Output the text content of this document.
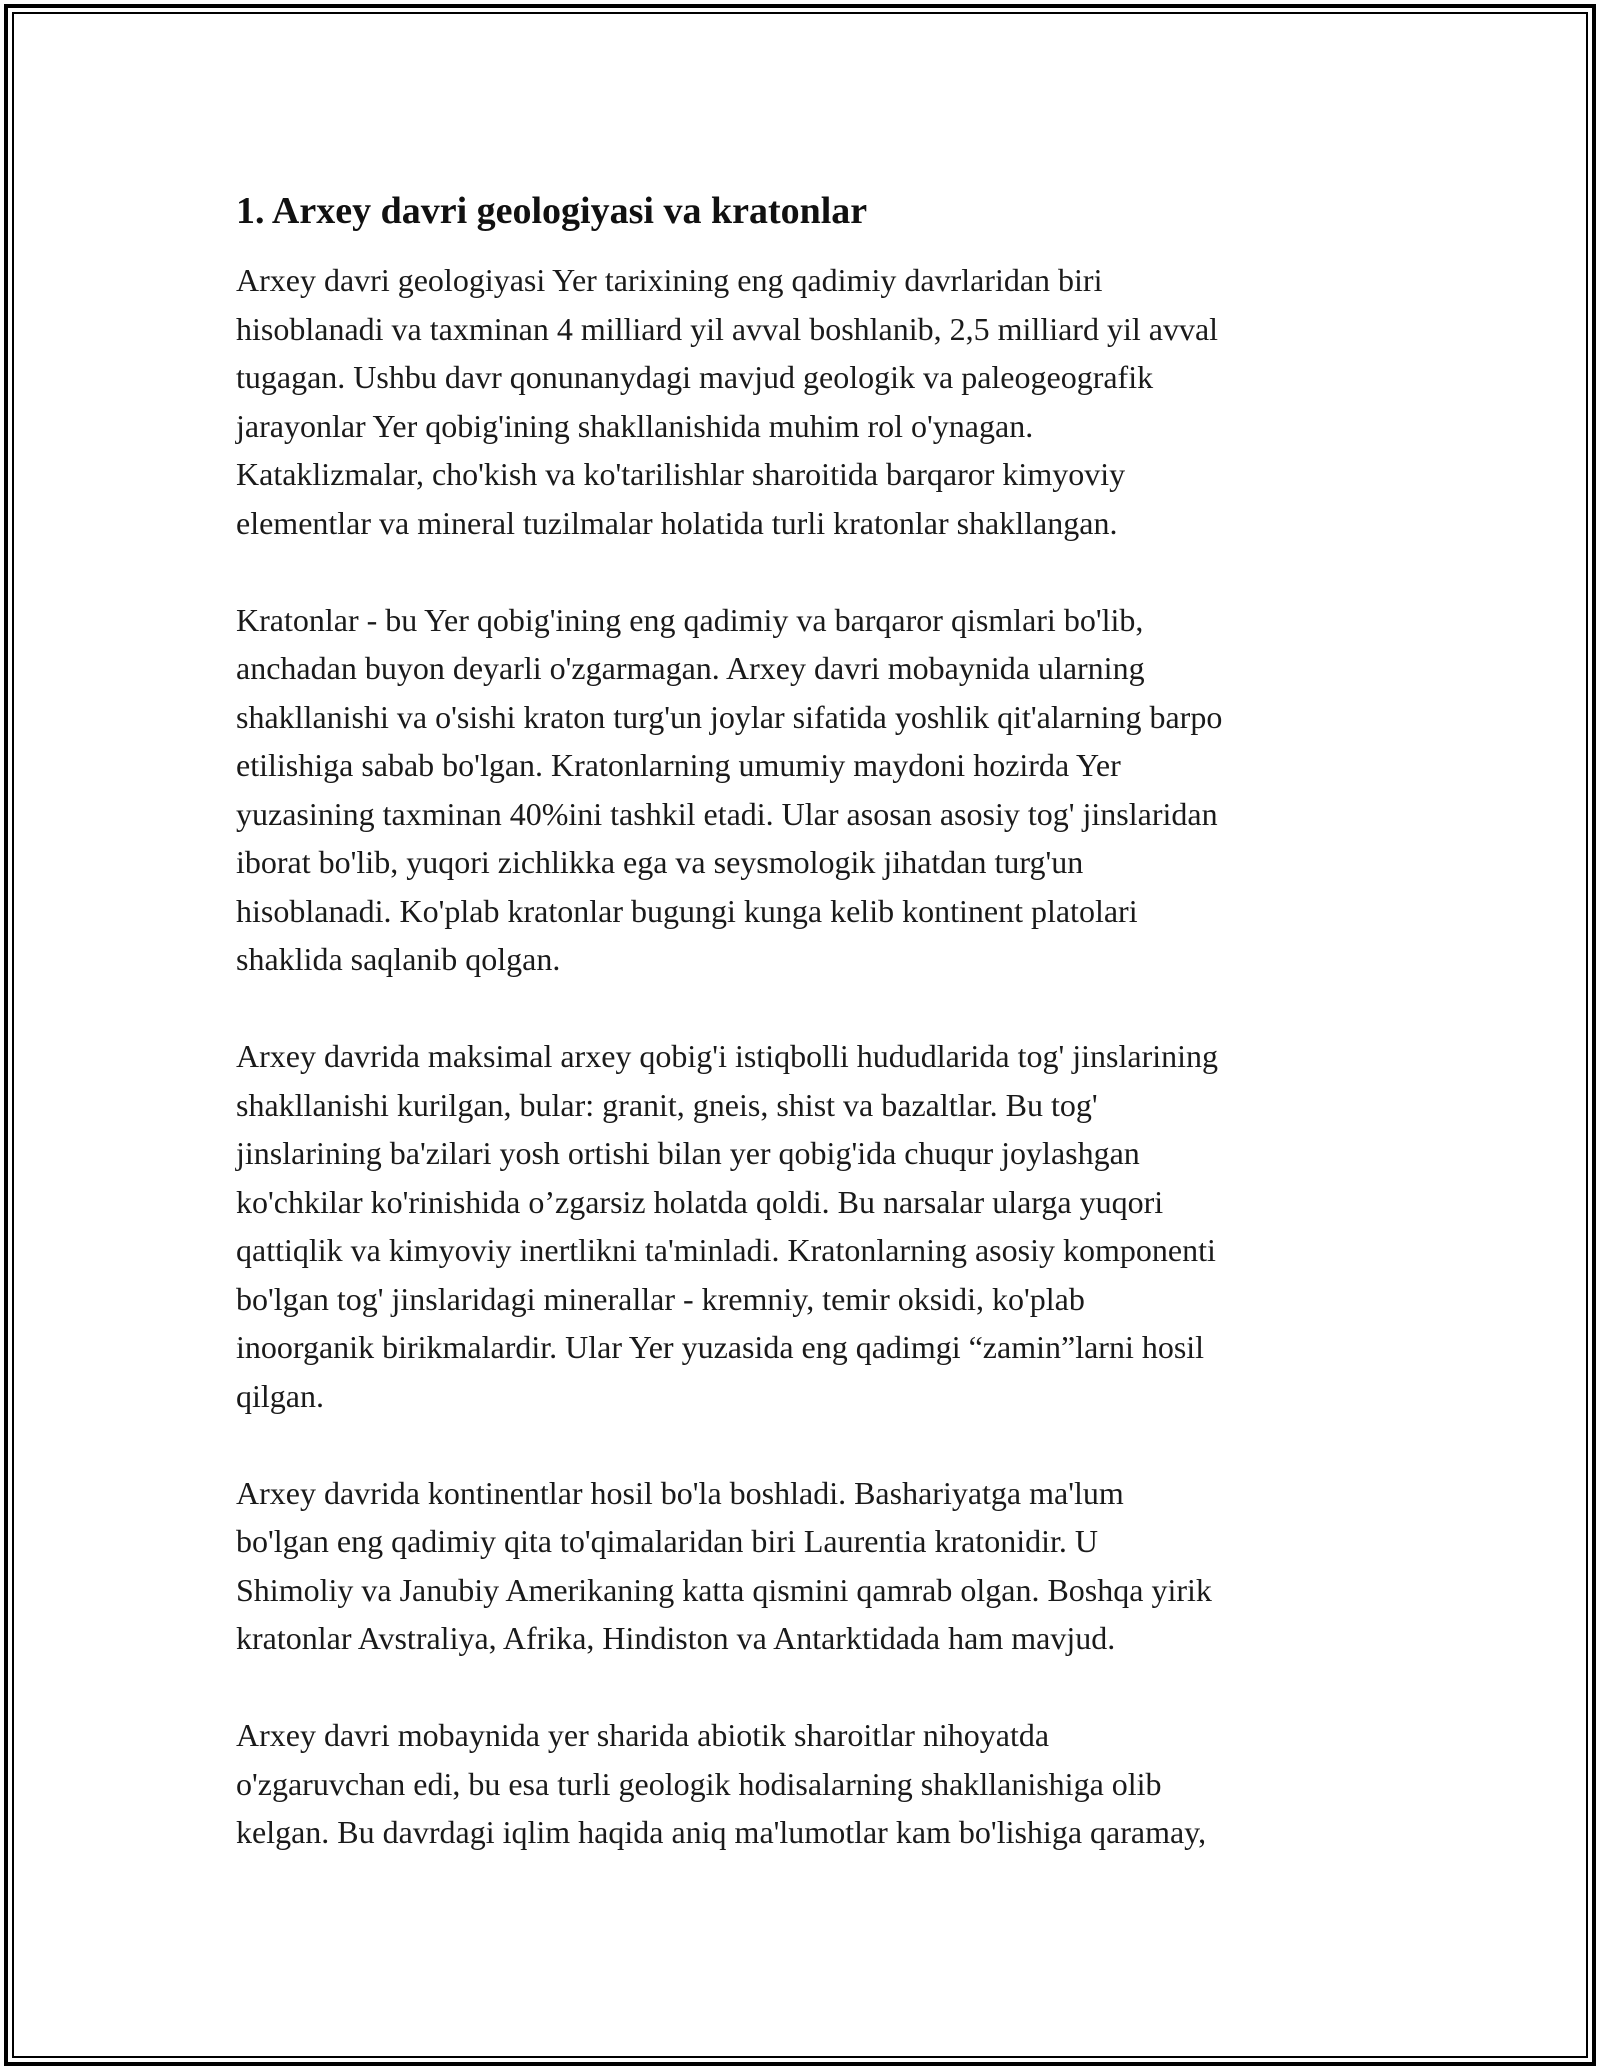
1. Arxey davri geologiyasi va kratonlar

Arxey davri geologiyasi Yer tarixining eng qadimiy davrlaridan biri
hisoblanadi va taxminan 4 milliard yil avval boshlanib, 2,5 milliard yil avval
tugagan. Ushbu davr qonunanydagi mavjud geologik va paleogeografik
jarayonlar Yer qobig'ining shakllanishida muhim rol o'ynagan.
Kataklizmalar, cho'kish va ko'tarilishlar sharoitida barqaror kimyoviy
elementlar va mineral tuzilmalar holatida turli kratonlar shakllangan.

Kratonlar - bu Yer qobig'ining eng qadimiy va barqaror qismlari bo'lib,
anchadan buyon deyarli o'zgarmagan. Arxey davri mobaynida ularning
shakllanishi va o'sishi kraton turg'un joylar sifatida yoshlik qit'alarning barpo
etilishiga sabab bo'lgan. Kratonlarning umumiy maydoni hozirda Yer
yuzasining taxminan 40%ini tashkil etadi. Ular asosan asosiy tog' jinslaridan
iborat bo'lib, yuqori zichlikka ega va seysmologik jihatdan turg'un
hisoblanadi. Ko'plab kratonlar bugungi kunga kelib kontinent platolari
shaklida saqlanib qolgan.

Arxey davrida maksimal arxey qobig'i istiqbolli hududlarida tog' jinslarining
shakllanishi kurilgan, bular: granit, gneis, shist va bazaltlar. Bu tog'
jinslarining ba'zilari yosh ortishi bilan yer qobig'ida chuqur joylashgan
ko'chkilar ko'rinishida o’zgarsiz holatda qoldi. Bu narsalar ularga yuqori
qattiqlik va kimyoviy inertlikni ta'minladi. Kratonlarning asosiy komponenti
bo'lgan tog' jinslaridagi minerallar - kremniy, temir oksidi, ko'plab
inoorganik birikmalardir. Ular Yer yuzasida eng qadimgi “zamin”larni hosil
qilgan.

Arxey davrida kontinentlar hosil bo'la boshladi. Bashariyatga ma'lum
bo'lgan eng qadimiy qita to'qimalaridan biri Laurentia kratonidir. U
Shimoliy va Janubiy Amerikaning katta qismini qamrab olgan. Boshqa yirik
kratonlar Avstraliya, Afrika, Hindiston va Antarktidada ham mavjud.

Arxey davri mobaynida yer sharida abiotik sharoitlar nihoyatda
o'zgaruvchan edi, bu esa turli geologik hodisalarning shakllanishiga olib
kelgan. Bu davrdagi iqlim haqida aniq ma'lumotlar kam bo'lishiga qaramay,
